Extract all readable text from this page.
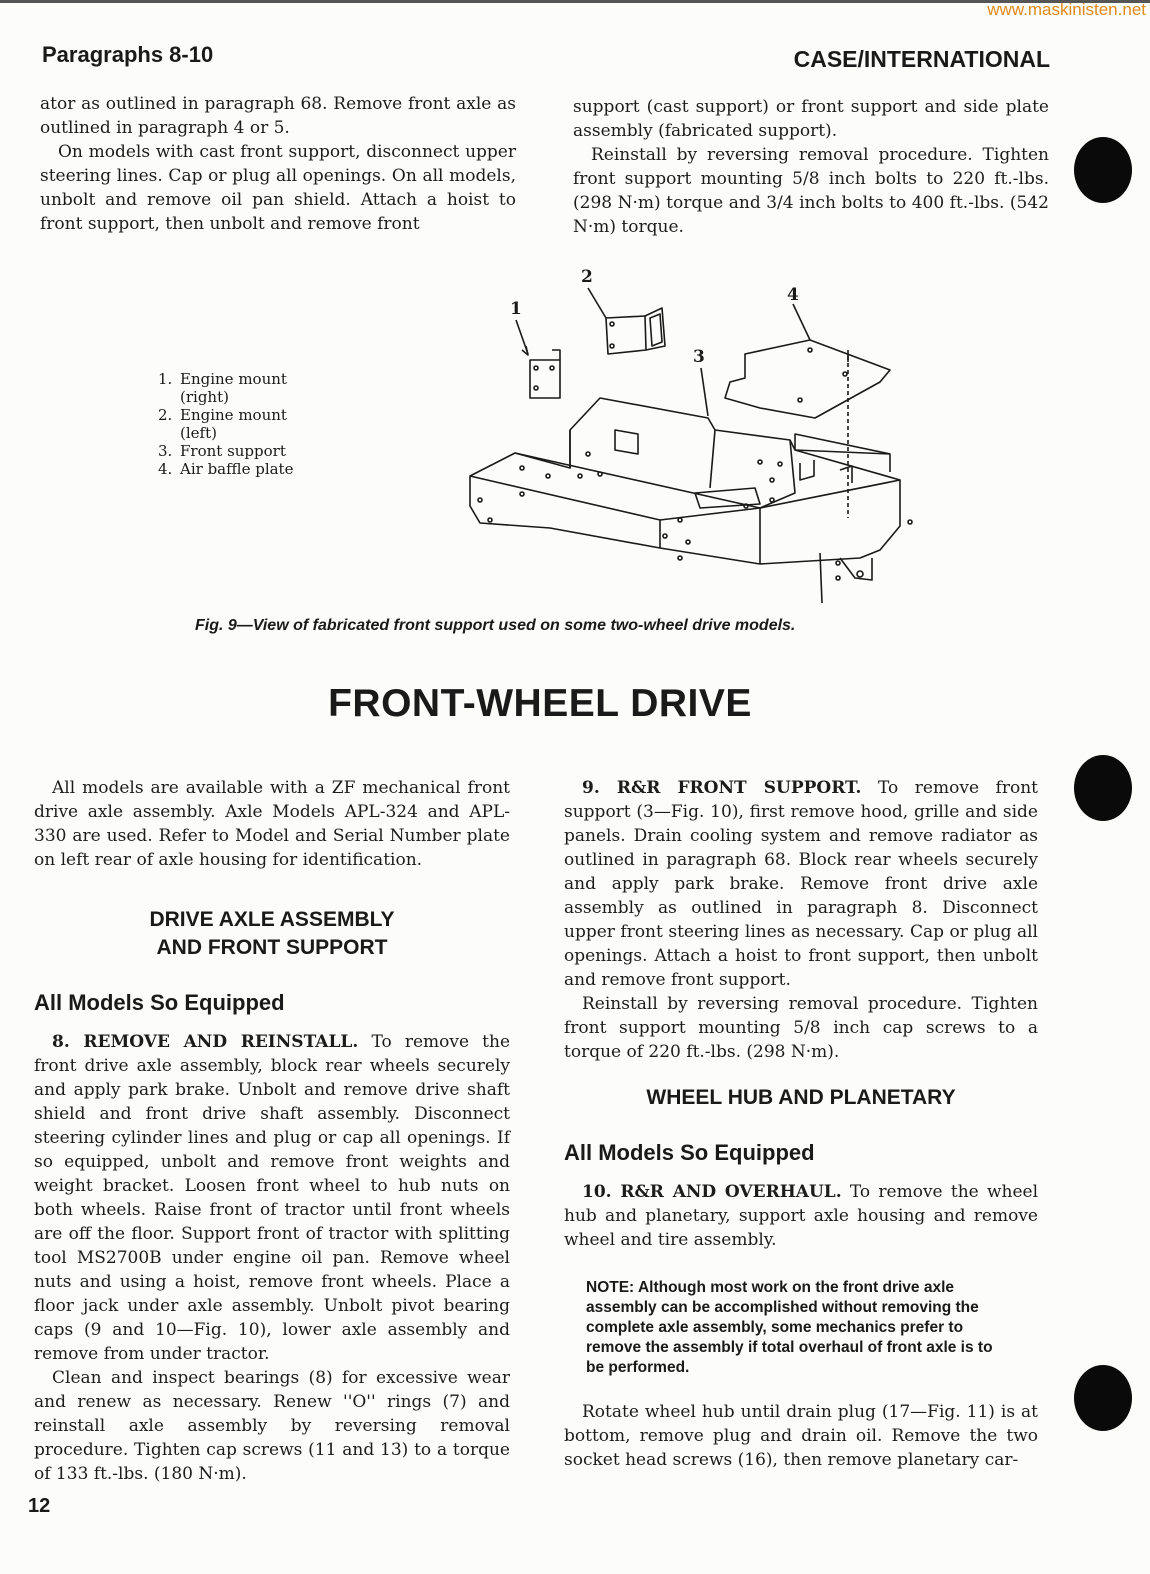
www.maskinisten.net
Paragraphs 8-10	CASE/INTERNATIONAL

ator as outlined in paragraph 68. Remove front axle as outlined in paragraph 4 or 5.

On models with cast front support, disconnect upper steering lines. Cap or plug all openings. On all models, unbolt and remove oil pan shield. Attach a hoist to front support, then unbolt and remove front

support (cast support) or front support and side plate assembly (fabricated support).

Reinstall by reversing removal procedure. Tighten front support mounting 5/8 inch bolts to 220 ft.-lbs. (298 N·m) torque and 3/4 inch bolts to 400 ft.-lbs. (542 N·m) torque.

1. Engine mount (right)
2. Engine mount (left)
3. Front support
4. Air baffle plate
1
2
3
4
Fig. 9—View of fabricated front support used on some two-wheel drive models.
FRONT-WHEEL DRIVE

All models are available with a ZF mechanical front drive axle assembly. Axle Models APL-324 and APL-330 are used. Refer to Model and Serial Number plate on left rear of axle housing for identification.

DRIVE AXLE ASSEMBLY
AND FRONT SUPPORT
All Models So Equipped

8. REMOVE AND REINSTALL. To remove the front drive axle assembly, block rear wheels securely and apply park brake. Unbolt and remove drive shaft shield and front drive shaft assembly. Disconnect steering cylinder lines and plug or cap all openings. If so equipped, unbolt and remove front weights and weight bracket. Loosen front wheel to hub nuts on both wheels. Raise front of tractor until front wheels are off the floor. Support front of tractor with splitting tool MS2700B under engine oil pan. Remove wheel nuts and using a hoist, remove front wheels. Place a floor jack under axle assembly. Unbolt pivot bearing caps (9 and 10—Fig. 10), lower axle assembly and remove from under tractor.

Clean and inspect bearings (8) for excessive wear and renew as necessary. Renew ''O'' rings (7) and reinstall axle assembly by reversing removal procedure. Tighten cap screws (11 and 13) to a torque of 133 ft.-lbs. (180 N·m).

9. R&R FRONT SUPPORT. To remove front support (3—Fig. 10), first remove hood, grille and side panels. Drain cooling system and remove radiator as outlined in paragraph 68. Block rear wheels securely and apply park brake. Remove front drive axle assembly as outlined in paragraph 8. Disconnect upper front steering lines as necessary. Cap or plug all openings. Attach a hoist to front support, then unbolt and remove front support.

Reinstall by reversing removal procedure. Tighten front support mounting 5/8 inch cap screws to a torque of 220 ft.-lbs. (298 N·m).

WHEEL HUB AND PLANETARY
All Models So Equipped

10. R&R AND OVERHAUL. To remove the wheel hub and planetary, support axle housing and remove wheel and tire assembly.

NOTE: Although most work on the front drive axle assembly can be accomplished without removing the complete axle assembly, some mechanics prefer to remove the assembly if total overhaul of front axle is to be performed.

Rotate wheel hub until drain plug (17—Fig. 11) is at bottom, remove plug and drain oil. Remove the two socket head screws (16), then remove planetary car-

12
